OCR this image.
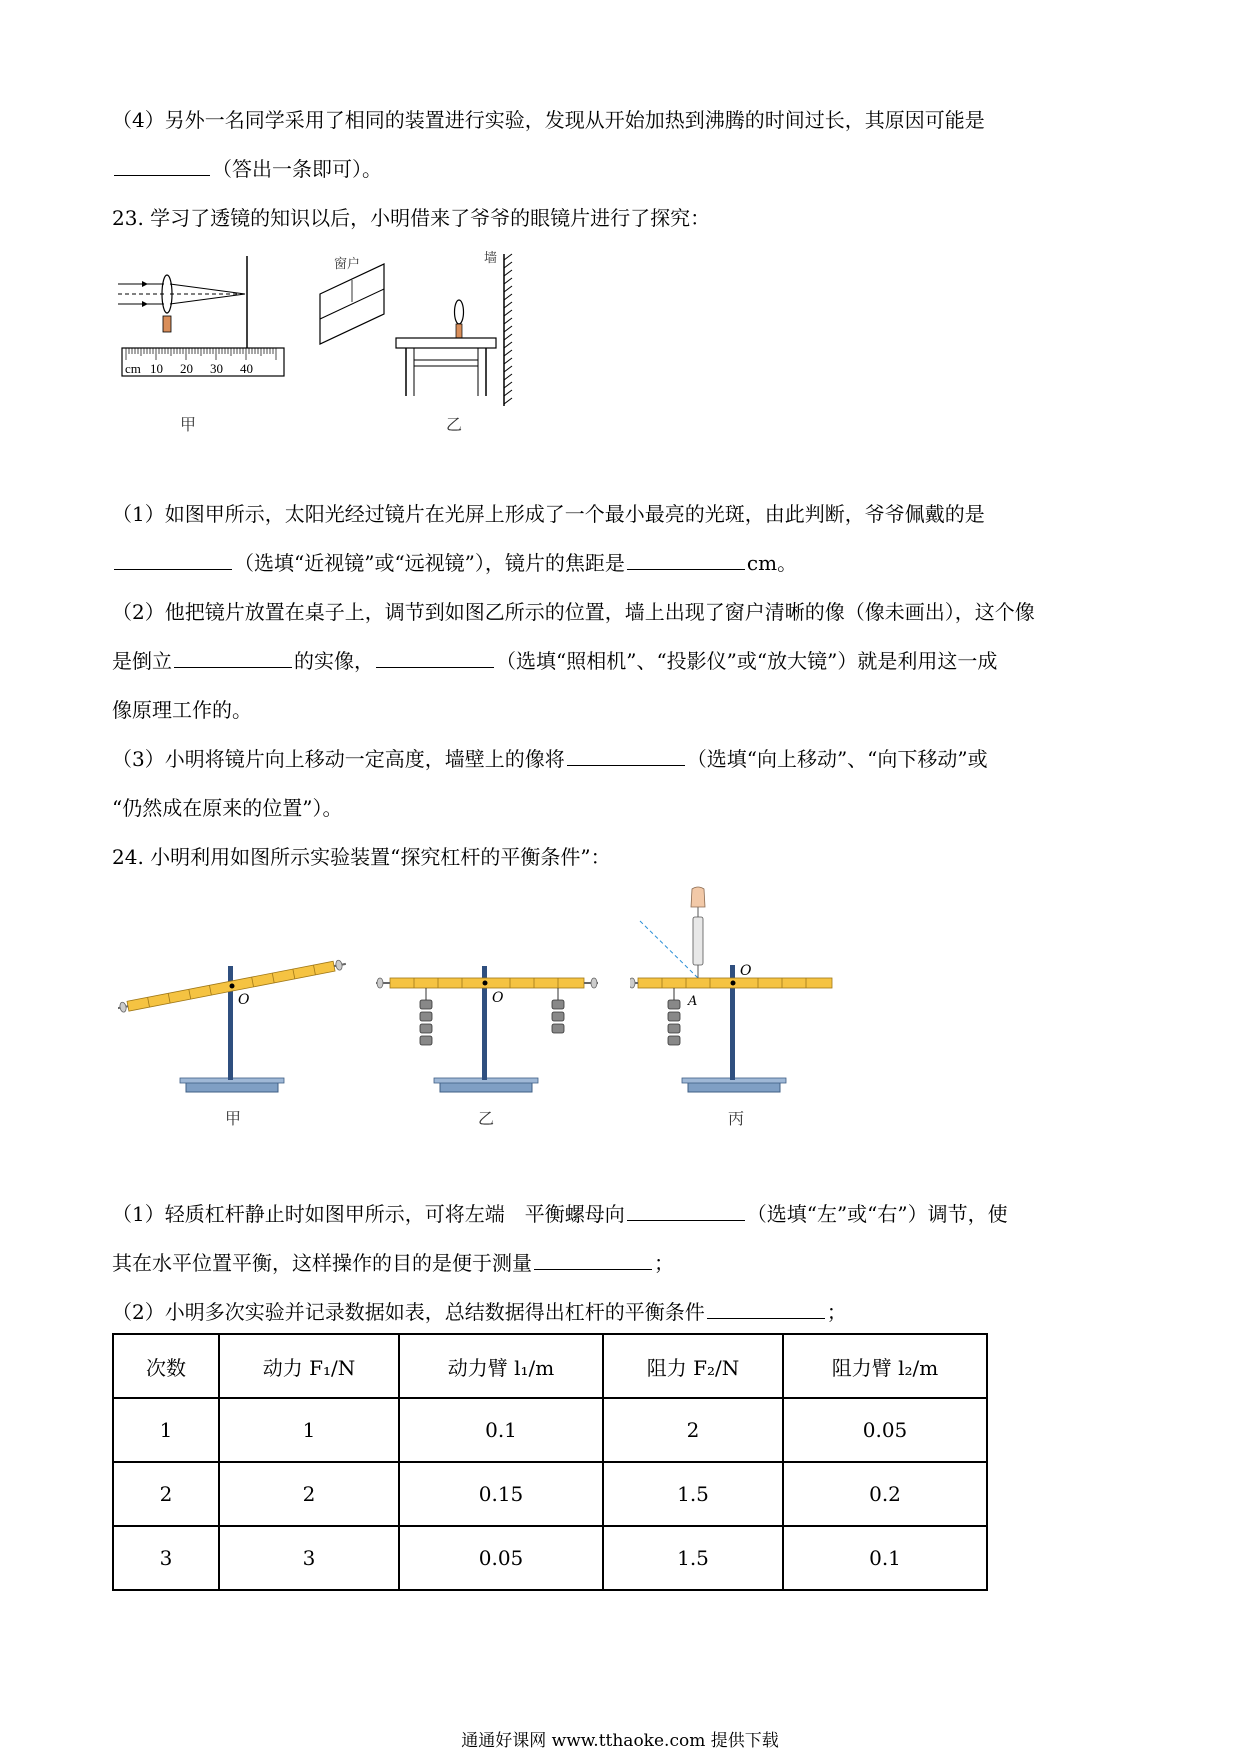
（4）另外一名同学采用了相同的装置进行实验，发现从开始加热到沸腾的时间过长，其原因可能是
（答出一条即可）。
23. 学习了透镜的知识以后，小明借来了爷爷的眼镜片进行了探究：
cm 10 20 30 40
甲
窗户	墙
乙
（1）如图甲所示，太阳光经过镜片在光屏上形成了一个最小最亮的光斑，由此判断，爷爷佩戴的是
（选填“近视镜”或“远视镜”），镜片的焦距是	cm。
（2）他把镜片放置在桌子上，调节到如图乙所示的位置，墙上出现了窗户清晰的像（像未画出），这个像
是倒立	的实像，	（选填“照相机”、“投影仪”或“放大镜”）就是利用这一成
像原理工作的。
（3）小明将镜片向上移动一定高度，墙壁上的像将	（选填“向上移动”、“向下移动”或
“仍然成在原来的位置”）。
24. 小明利用如图所示实验装置“探究杠杆的平衡条件”：
O
甲
O
乙
O
A
丙
（1）轻质杠杆静止时如图甲所示，可将左端　平衡螺母向	（选填“左”或“右”）调节，使
其在水平位置平衡，这样操作的目的是便于测量	；
（2）小明多次实验并记录数据如表，总结数据得出杠杆的平衡条件	；
次数	动力 F₁/N	动力臂 l₁/m	阻力 F₂/N	阻力臂 l₂/m
1	1	0.1	2	0.05
2	2	0.15	1.5	0.2
3	3	0.05	1.5	0.1
通通好课网 www.tthaoke.com 提供下载
